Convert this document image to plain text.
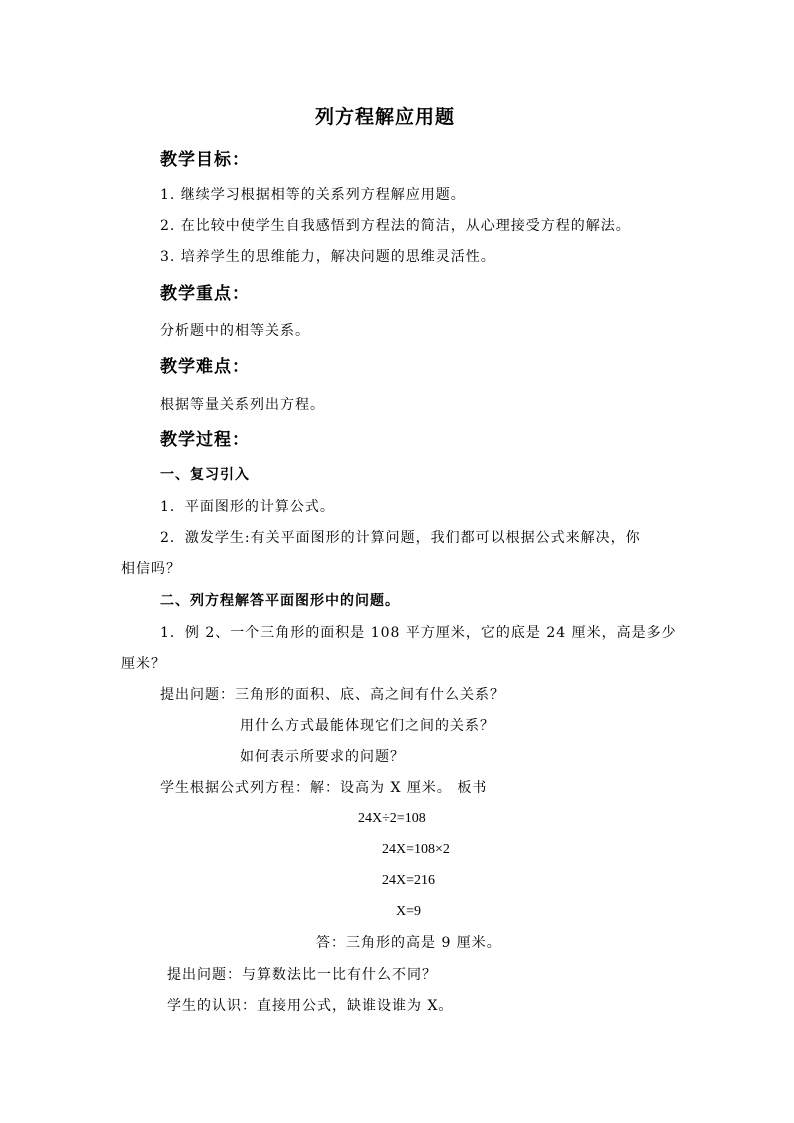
列方程解应用题
教学目标：
1. 继续学习根据相等的关系列方程解应用题。
2. 在比较中使学生自我感悟到方程法的简洁，从心理接受方程的解法。
3. 培养学生的思维能力，解决问题的思维灵活性。
教学重点：
分析题中的相等关系。
教学难点：
根据等量关系列出方程。
教学过程：
一、复习引入
1．平面图形的计算公式。
2．激发学生:有关平面图形的计算问题，我们都可以根据公式来解决，你
相信吗？
二、列方程解答平面图形中的问题。
1．例 2、一个三角形的面积是 108 平方厘米，它的底是 24 厘米，高是多少
厘米？
提出问题：三角形的面积、底、高之间有什么关系？
用什么方式最能体现它们之间的关系？
如何表示所要求的问题？
学生根据公式列方程：解：设高为 X 厘米。 板书
24X÷2=108
24X=108×2
24X=216
X=9
答：三角形的高是 9 厘米。
提出问题：与算数法比一比有什么不同？
学生的认识：直接用公式，缺谁设谁为 X。
